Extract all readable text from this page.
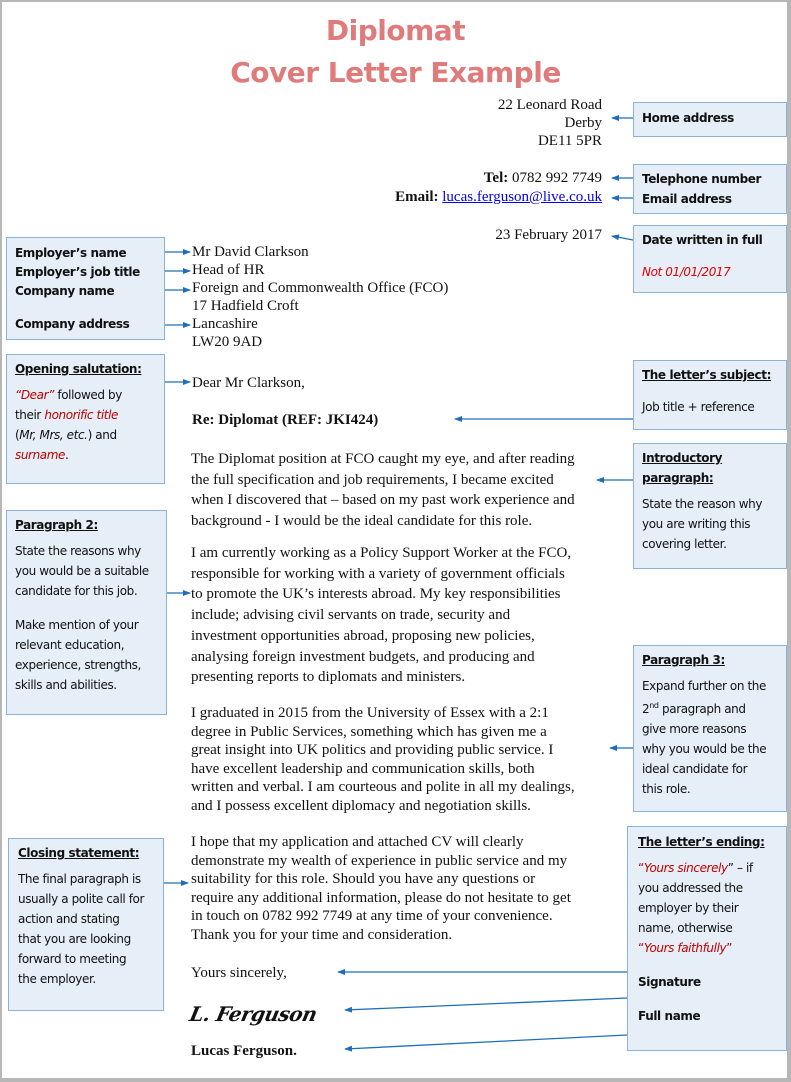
Diplomat
Cover Letter Example
22 Leonard Road
Derby
DE11 5PR
Tel: 0782 992 7749
Email: lucas.ferguson@live.co.uk
23 February 2017
Mr David Clarkson
Head of HR
Foreign and Commonwealth Office (FCO)
17 Hadfield Croft
Lancashire
LW20 9AD
Dear Mr Clarkson,
Re: Diplomat (REF: JKI424)
The Diplomat position at FCO caught my eye, and after reading
the full specification and job requirements, I became excited
when I discovered that – based on my past work experience and
background - I would be the ideal candidate for this role.
I am currently working as a Policy Support Worker at the FCO,
responsible for working with a variety of government officials
to promote the UK’s interests abroad. My key responsibilities
include; advising civil servants on trade, security and
investment opportunities abroad, proposing new policies,
analysing foreign investment budgets, and producing and
presenting reports to diplomats and ministers.
I graduated in 2015 from the University of Essex with a 2:1
degree in Public Services, something which has given me a
great insight into UK politics and providing public service. I
have excellent leadership and communication skills, both
written and verbal. I am courteous and polite in all my dealings,
and I possess excellent diplomacy and negotiation skills.
I hope that my application and attached CV will clearly
demonstrate my wealth of experience in public service and my
suitability for this role. Should you have any questions or
require any additional information, please do not hesitate to get
in touch on 0782 992 7749 at any time of your convenience.
Thank you for your time and consideration.
Yours sincerely,
L. Ferguson
Lucas Ferguson.
Home address
Telephone number
Email address
Date written in full
Not 01/01/2017
The letter’s subject:
Job title + reference
Introductory
paragraph:
State the reason why
you are writing this
covering letter.
Paragraph 3:
Expand further on the
2nd paragraph and
give more reasons
why you would be the
ideal candidate for
this role.
The letter’s ending:
“Yours sincerely” – if
you addressed the
employer by their
name, otherwise
“Yours faithfully”
Signature
Full name
Employer’s name
Employer’s job title
Company name
Company address
Opening salutation:
“Dear” followed by
their honorific title
(Mr, Mrs, etc.) and
surname.
Paragraph 2:
State the reasons why
you would be a suitable
candidate for this job.
Make mention of your
relevant education,
experience, strengths,
skills and abilities.
Closing statement:
The final paragraph is
usually a polite call for
action and stating
that you are looking
forward to meeting
the employer.
